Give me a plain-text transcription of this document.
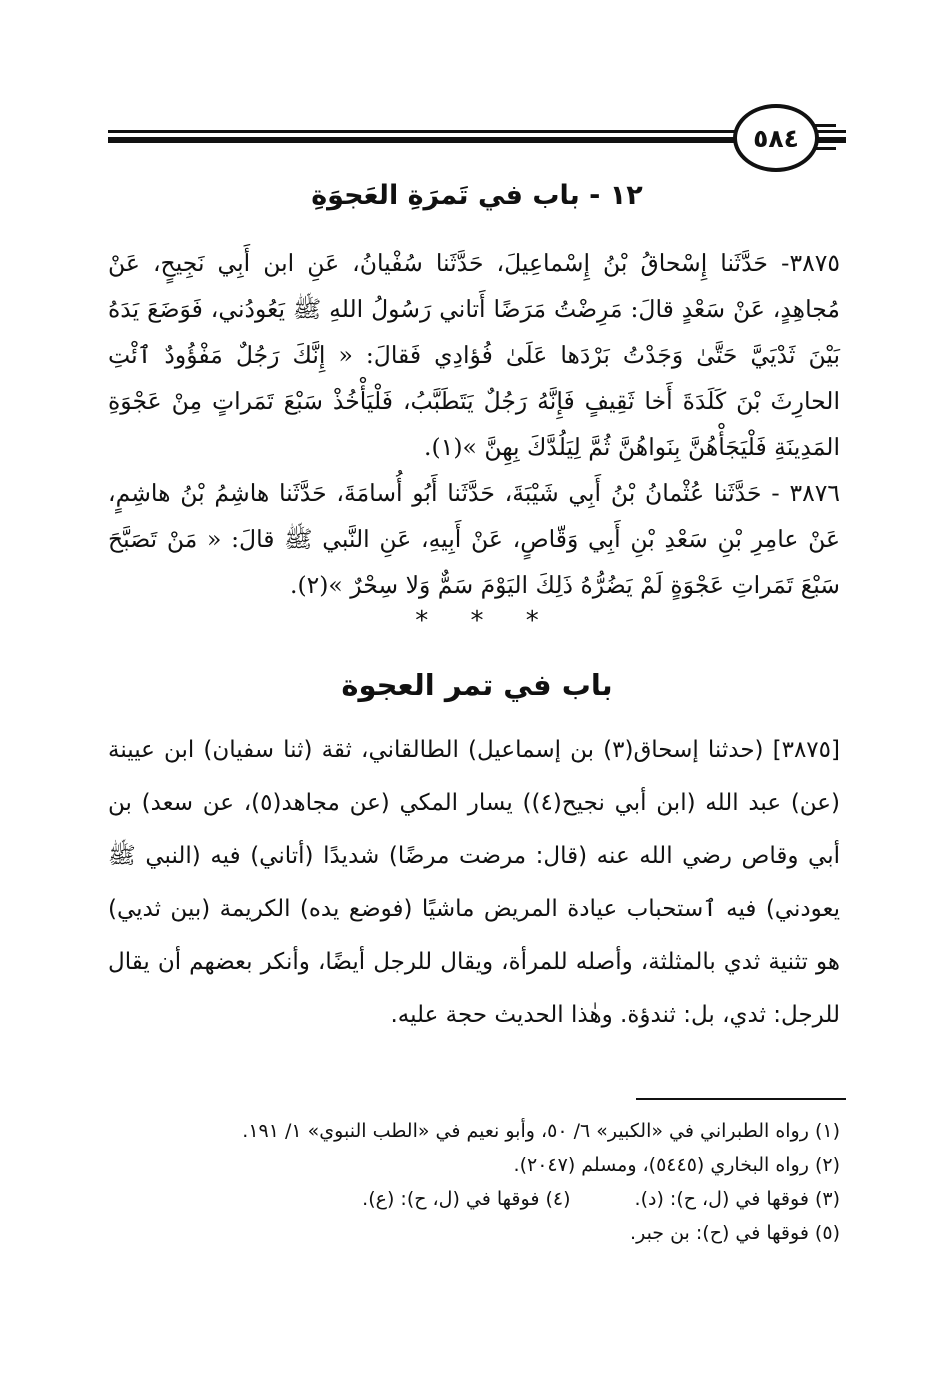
٥٨٤
١٢ - باب في تَمرَةِ العَجوَةِ
٣٨٧٥- حَدَّثَنا إِسْحاقُ بْنُ إِسْماعِيلَ، حَدَّثَنا سُفْيانُ، عَنِ ابن أَبِي نَجِيحٍ، عَنْ مُجاهِدٍ، عَنْ سَعْدٍ قالَ: مَرِضْتُ مَرَضًا أَتاني رَسُولُ اللهِ ﷺ يَعُودُني، فَوَضَعَ يَدَهُ بَيْنَ ثَدْيَيَّ حَتَّىٰ وَجَدْتُ بَرْدَها عَلَىٰ فُؤادِي فَقالَ: « إِنَّكَ رَجُلٌ مَفْؤُودٌ ٱئْتِ الحارِثَ بْنَ كَلَدَةَ أَخا ثَقِيفٍ فَإِنَّهُ رَجُلٌ يَتَطَبَّبُ، فَلْيَأْخُذْ سَبْعَ تَمَراتٍ مِنْ عَجْوَةِ المَدِينَةِ فَلْيَجَأْهُنَّ بِنَواهُنَّ ثُمَّ لِيَلُدَّكَ بِهِنَّ »(١).
٣٨٧٦ - حَدَّثَنا عُثْمانُ بْنُ أَبِي شَيْبَةَ، حَدَّثَنا أَبُو أُسامَةَ، حَدَّثَنا هاشِمُ بْنُ هاشِمٍ، عَنْ عامِرِ بْنِ سَعْدِ بْنِ أَبِي وَقّاصٍ، عَنْ أَبِيهِ، عَنِ النَّبي ﷺ قالَ: « مَنْ تَصَبَّحَ سَبْعَ تَمَراتِ عَجْوَةٍ لَمْ يَضُرُّهُ ذَلِكَ اليَوْمَ سَمٌّ وَلا سِحْرٌ »(٢).
* * *
باب في تمر العجوة
[٣٨٧٥] (حدثنا إسحاق(٣) بن إسماعيل) الطالقاني، ثقة (ثنا سفيان) ابن عيينة (عن) عبد الله (ابن أبي نجيح(٤)) يسار المكي (عن مجاهد(٥)، عن سعد) بن أبي وقاص رضي الله عنه (قال: مرضت مرضًا) شديدًا (أتاني) فيه (النبي ﷺ يعودني) فيه ٱستحباب عيادة المريض ماشيًا (فوضع يده) الكريمة (بين ثديي) هو تثنية ثدي بالمثلثة، وأصله للمرأة، ويقال للرجل أيضًا، وأنكر بعضهم أن يقال للرجل: ثدي، بل: ثندؤة. وهٰذا الحديث حجة عليه.
(١) رواه الطبراني في «الكبير» ٦/ ٥٠، وأبو نعيم في «الطب النبوي» ١/ ١٩١.
(٢) رواه البخاري (٥٤٤٥)، ومسلم (٢٠٤٧).
(٣) فوقها في (ل، ح): (د). (٤) فوقها في (ل، ح): (ع).
(٥) فوقها في (ح): بن جبر.
